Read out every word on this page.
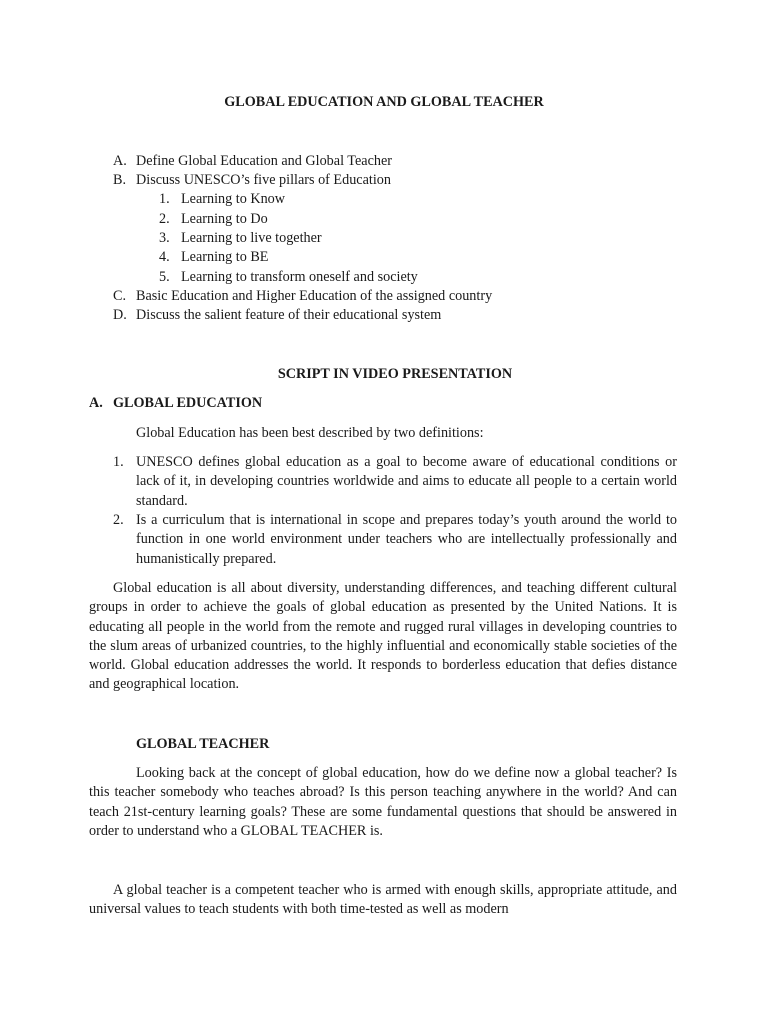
GLOBAL EDUCATION AND GLOBAL TEACHER
A. Define Global Education and Global Teacher
B. Discuss UNESCO’s five pillars of Education
1. Learning to Know
2. Learning to Do
3. Learning to live together
4. Learning to BE
5. Learning to transform oneself and society
C. Basic Education and Higher Education of the assigned country
D. Discuss the salient feature of their educational system
SCRIPT IN VIDEO PRESENTATION
A. GLOBAL EDUCATION
Global Education has been best described by two definitions:
1. UNESCO defines global education as a goal to become aware of educational conditions or lack of it, in developing countries worldwide and aims to educate all people to a certain world standard.
2. Is a curriculum that is international in scope and prepares today’s youth around the world to function in one world environment under teachers who are intellectually professionally and humanistically prepared.
Global education is all about diversity, understanding differences, and teaching different cultural groups in order to achieve the goals of global education as presented by the United Nations. It is educating all people in the world from the remote and rugged rural villages in developing countries to the slum areas of urbanized countries, to the highly influential and economically stable societies of the world. Global education addresses the world. It responds to borderless education that defies distance and geographical location.
GLOBAL TEACHER
Looking back at the concept of global education, how do we define now a global teacher? Is this teacher somebody who teaches abroad? Is this person teaching anywhere in the world? And can teach 21st-century learning goals? These are some fundamental questions that should be answered in order to understand who a GLOBAL TEACHER is.
A global teacher is a competent teacher who is armed with enough skills, appropriate attitude, and universal values to teach students with both time-tested as well as modern
